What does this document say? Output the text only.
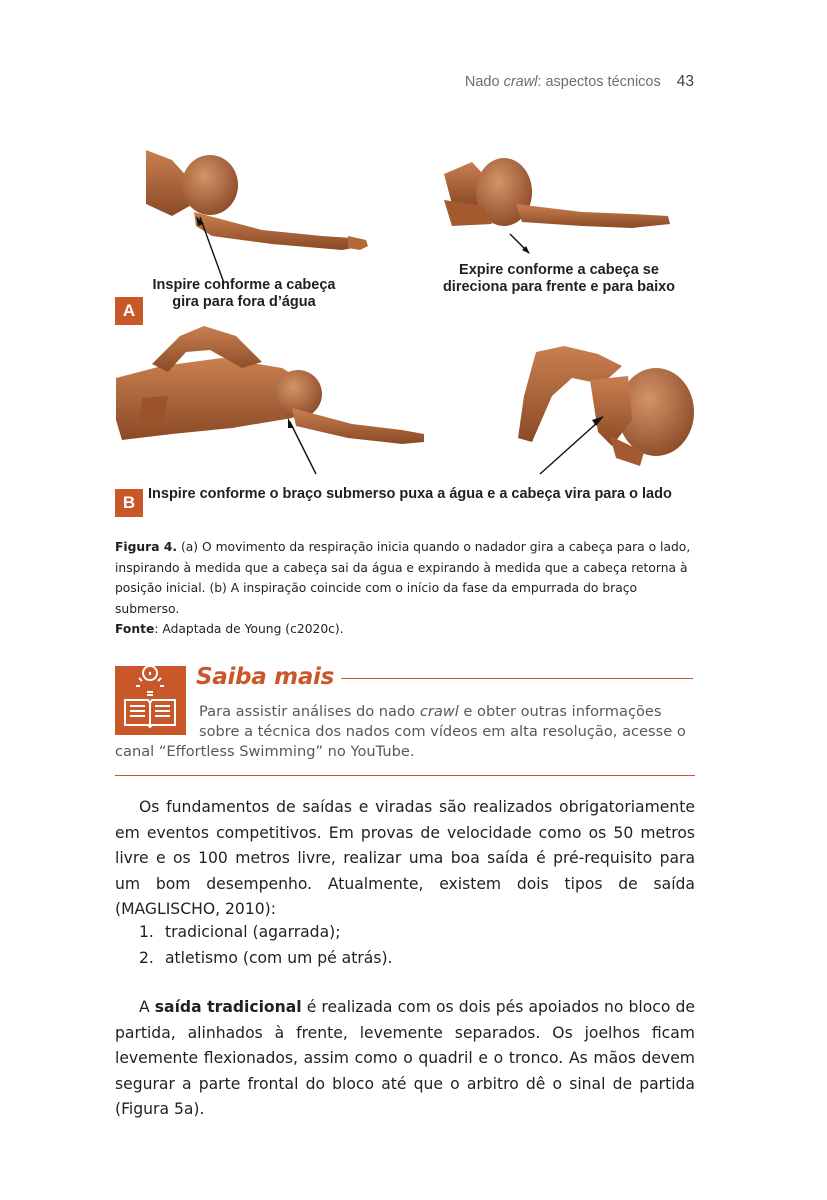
Nado crawl: aspectos técnicos 43
Inspire conforme a cabeça
gira para fora d’água
Expire conforme a cabeça se
direciona para frente e para baixo
A
Inspire conforme o braço submerso puxa a água e a cabeça vira para o lado
B
Figura 4. (a) O movimento da respiração inicia quando o nadador gira a cabeça para o lado, inspirando à medida que a cabeça sai da água e expirando à medida que a cabeça retorna à posição inicial. (b) A inspiração coincide com o início da fase da empurrada do braço submerso.
Fonte: Adaptada de Young (c2020c).
Saiba mais
Para assistir análises do nado crawl e obter outras informações
sobre a técnica dos nados com vídeos em alta resolução, acesse o
canal “Effortless Swimming” no YouTube.
Os fundamentos de saídas e viradas são realizados obrigatoriamente em eventos competitivos. Em provas de velocidade como os 50 metros livre e os 100 metros livre, realizar uma boa saída é pré-requisito para um bom desempenho. Atualmente, existem dois tipos de saída (MAGLISCHO, 2010):
1. tradicional (agarrada);
2. atletismo (com um pé atrás).
A saída tradicional é realizada com os dois pés apoiados no bloco de partida, alinhados à frente, levemente separados. Os joelhos ficam levemente flexionados, assim como o quadril e o tronco. As mãos devem segurar a parte frontal do bloco até que o arbitro dê o sinal de partida (Figura 5a).
